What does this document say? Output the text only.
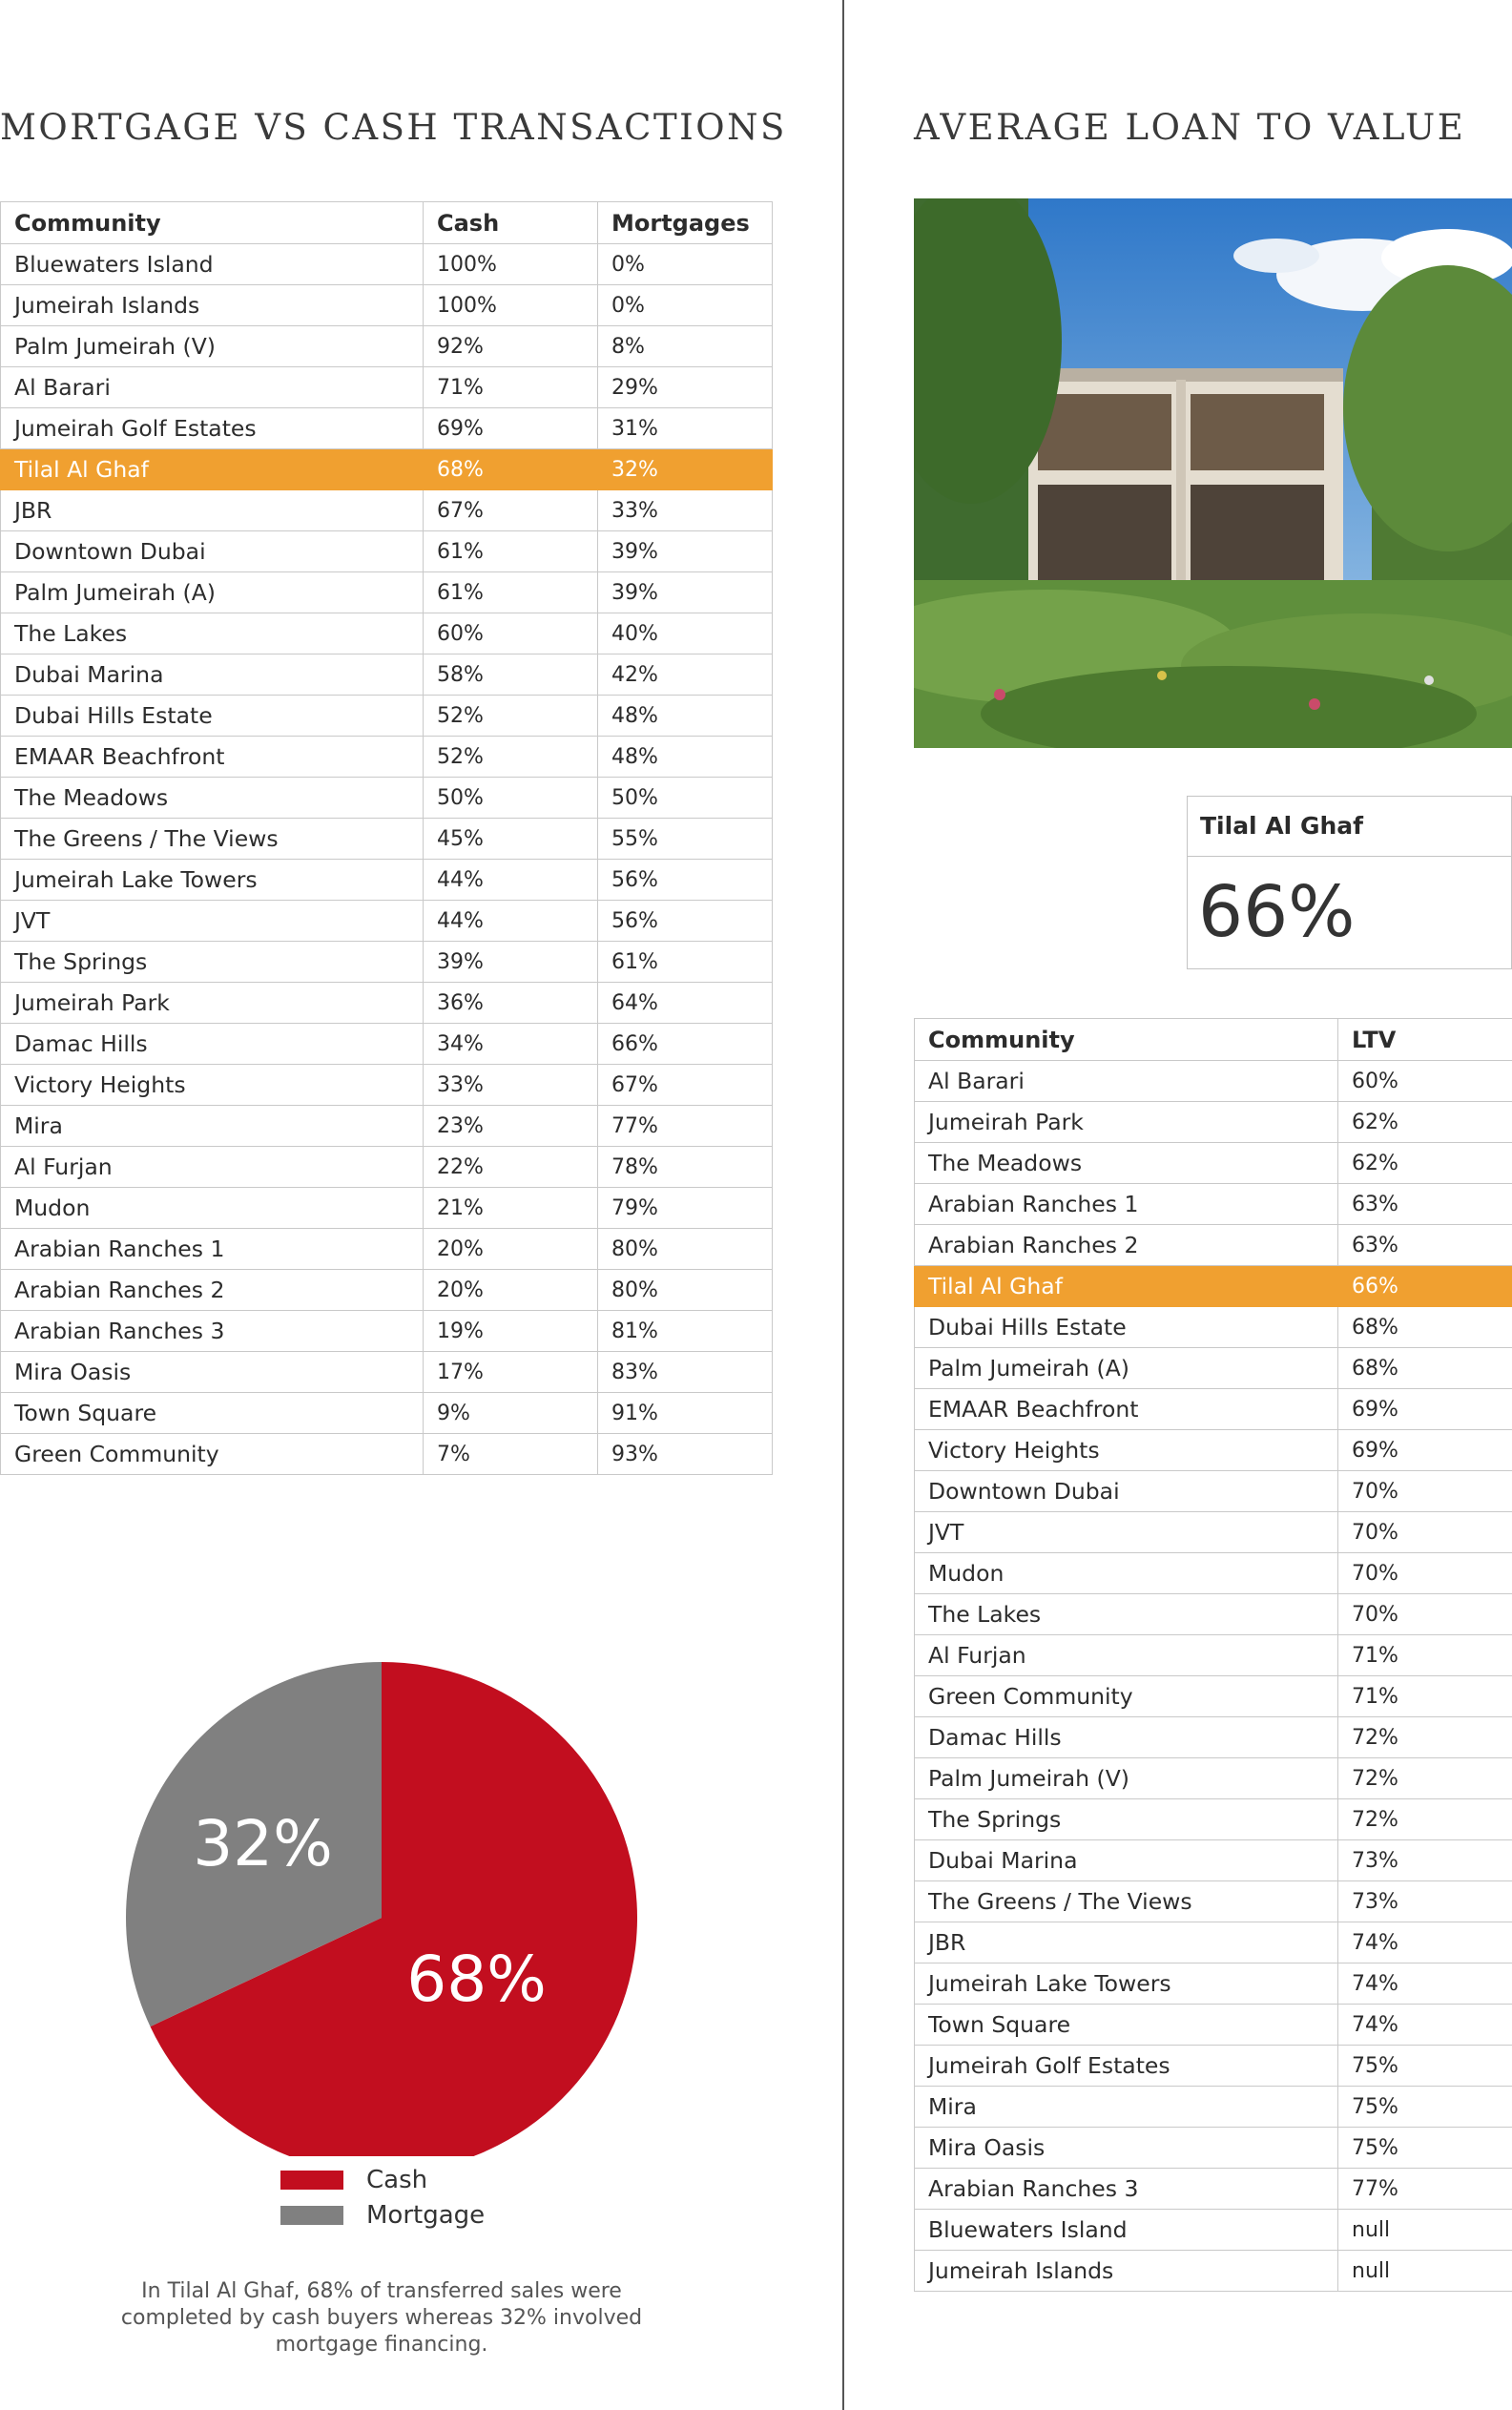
MORTGAGE VS CASH TRANSACTIONS	AVERAGE LOAN TO VALUE
Community	Cash	Mortgages
Bluewaters Island	100%	0%
Jumeirah Islands	100%	0%
Palm Jumeirah (V)	92%	8%
Al Barari	71%	29%
Jumeirah Golf Estates	69%	31%
Tilal Al Ghaf	68%	32%
JBR	67%	33%
Downtown Dubai	61%	39%
Palm Jumeirah (A)	61%	39%
The Lakes	60%	40%
Dubai Marina	58%	42%
Dubai Hills Estate	52%	48%
EMAAR Beachfront	52%	48%
The Meadows	50%	50%
The Greens / The Views	45%	55%
Jumeirah Lake Towers	44%	56%
JVT	44%	56%
The Springs	39%	61%
Jumeirah Park	36%	64%
Damac Hills	34%	66%
Victory Heights	33%	67%
Mira	23%	77%
Al Furjan	22%	78%
Mudon	21%	79%
Arabian Ranches 1	20%	80%
Arabian Ranches 2	20%	80%
Arabian Ranches 3	19%	81%
Mira Oasis	17%	83%
Town Square	9%	91%
Green Community	7%	93%
Tilal Al Ghaf
66%
Community	LTV
Al Barari	60%
Jumeirah Park	62%
The Meadows	62%
Arabian Ranches 1	63%
Arabian Ranches 2	63%
Tilal Al Ghaf	66%
Dubai Hills Estate	68%
Palm Jumeirah (A)	68%
EMAAR Beachfront	69%
Victory Heights	69%
Downtown Dubai	70%
JVT	70%
Mudon	70%
The Lakes	70%
Al Furjan	71%
Green Community	71%
Damac Hills	72%
Palm Jumeirah (V)	72%
The Springs	72%
Dubai Marina	73%
The Greens / The Views	73%
JBR	74%
Jumeirah Lake Towers	74%
Town Square	74%
Jumeirah Golf Estates	75%
Mira	75%
Mira Oasis	75%
Arabian Ranches 3	77%
Bluewaters Island	null
Jumeirah Islands	null
68%
32%
Cash
Mortgage
In Tilal Al Ghaf, 68% of transferred sales were completed by cash buyers whereas 32% involved mortgage financing.
